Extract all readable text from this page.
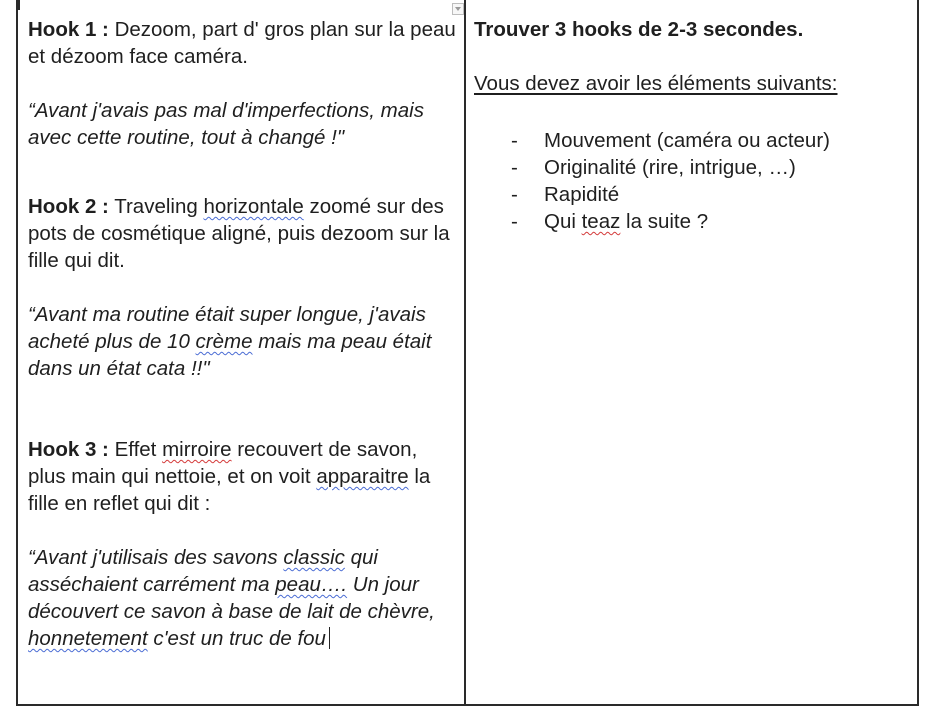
Hook 1 : Dezoom, part d' gros plan sur la peau et dézoom face caméra.

“Avant j'avais pas mal d'imperfections, mais avec cette routine, tout à changé !"

Hook 2 : Traveling horizontale zoomé sur des pots de cosmétique aligné, puis dezoom sur la fille qui dit.

“Avant ma routine était super longue, j'avais acheté plus de 10 crème mais ma peau était dans un état cata !!"

Hook 3 : Effet mirroire recouvert de savon, plus main qui nettoie, et on voit apparaitre la fille en reflet qui dit :

“Avant j'utilisais des savons classic qui asséchaient carrément ma peau…. Un jour découvert ce savon à base de lait de chèvre, honnetement c'est un truc de fou

Trouver 3 hooks de 2-3 secondes.

Vous devez avoir les éléments suivants:

- Mouvement (caméra ou acteur)
- Originalité (rire, intrigue, …)
- Rapidité
- Qui teaz la suite ?
